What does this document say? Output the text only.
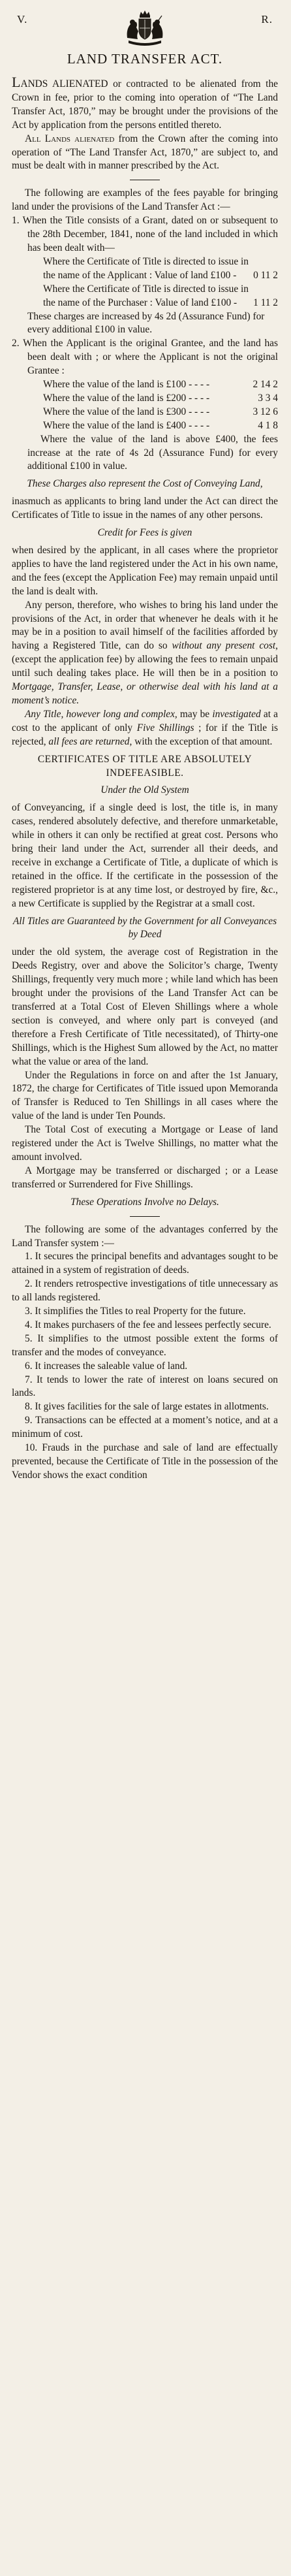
V.	R.
LAND TRANSFER ACT.

LANDS ALIENATED or contracted to be alienated from the Crown in fee, prior to the coming into operation of “The Land Transfer Act, 1870,” may be brought under the provisions of the Act by application from the persons entitled thereto.

All Lands alienated from the Crown after the coming into operation of “The Land Transfer Act, 1870,” are subject to, and must be dealt with in manner prescribed by the Act.

The following are examples of the fees payable for bringing land under the provisions of the Land Transfer Act :—

1. When the Title consists of a Grant, dated on or subsequent to the 28th December, 1841, none of the land included in which has been dealt with—

Where the Certificate of Title is directed to issue in the name of the Applicant : Value of land £100 -	0 11 2
Where the Certificate of Title is directed to issue in the name of the Purchaser : Value of land £100 -	1 11 2

These charges are increased by 4s 2d (Assurance Fund) for every additional £100 in value.

2. When the Applicant is the original Grantee, and the land has been dealt with ; or where the Applicant is not the original Grantee :

Where the value of the land is £100 - - - -	2 14 2
Where the value of the land is £200 - - - -	3 3 4
Where the value of the land is £300 - - - -	3 12 6
Where the value of the land is £400 - - - -	4 1 8

Where the value of the land is above £400, the fees increase at the rate of 4s 2d (Assurance Fund) for every additional £100 in value.

These Charges also represent the Cost of Conveying Land,

inasmuch as applicants to bring land under the Act can direct the Certificates of Title to issue in the names of any other persons.

Credit for Fees is given

when desired by the applicant, in all cases where the proprietor applies to have the land registered under the Act in his own name, and the fees (except the Application Fee) may remain unpaid until the land is dealt with.

Any person, therefore, who wishes to bring his land under the provisions of the Act, in order that whenever he deals with it he may be in a position to avail himself of the facilities afforded by having a Registered Title, can do so without any present cost, (except the application fee) by allowing the fees to remain unpaid until such dealing takes place. He will then be in a position to Mortgage, Transfer, Lease, or otherwise deal with his land at a moment’s notice.

Any Title, however long and complex, may be investigated at a cost to the applicant of only Five Shillings ; for if the Title is rejected, all fees are returned, with the exception of that amount.

CERTIFICATES OF TITLE ARE ABSOLUTELY INDEFEASIBLE.

Under the Old System

of Conveyancing, if a single deed is lost, the title is, in many cases, rendered absolutely defective, and therefore unmarketable, while in others it can only be rectified at great cost. Persons who bring their land under the Act, surrender all their deeds, and receive in exchange a Certificate of Title, a duplicate of which is retained in the office. If the certificate in the possession of the registered proprietor is at any time lost, or destroyed by fire, &c., a new Certificate is supplied by the Registrar at a small cost.

All Titles are Guaranteed by the Government for all Conveyances by Deed

under the old system, the average cost of Registration in the Deeds Registry, over and above the Solicitor’s charge, Twenty Shillings, frequently very much more ; while land which has been brought under the provisions of the Land Transfer Act can be transferred at a Total Cost of Eleven Shillings where a whole section is conveyed, and where only part is conveyed (and therefore a Fresh Certificate of Title necessitated), of Thirty-one Shillings, which is the Highest Sum allowed by the Act, no matter what the value or area of the land.

Under the Regulations in force on and after the 1st January, 1872, the charge for Certificates of Title issued upon Memoranda of Transfer is Reduced to Ten Shillings in all cases where the value of the land is under Ten Pounds.

The Total Cost of executing a Mortgage or Lease of land registered under the Act is Twelve Shillings, no matter what the amount involved.

A Mortgage may be transferred or discharged ; or a Lease transferred or Surrendered for Five Shillings.

These Operations Involve no Delays.

The following are some of the advantages conferred by the Land Transfer system :—

1. It secures the principal benefits and advantages sought to be attained in a system of registration of deeds.

2. It renders retrospective investigations of title unnecessary as to all lands registered.

3. It simplifies the Titles to real Property for the future.

4. It makes purchasers of the fee and lessees perfectly secure.

5. It simplifies to the utmost possible extent the forms of transfer and the modes of conveyance.

6. It increases the saleable value of land.

7. It tends to lower the rate of interest on loans secured on lands.

8. It gives facilities for the sale of large estates in allotments.

9. Transactions can be effected at a moment’s notice, and at a minimum of cost.

10. Frauds in the purchase and sale of land are effectually prevented, because the Certificate of Title in the possession of the Vendor shows the exact condition
